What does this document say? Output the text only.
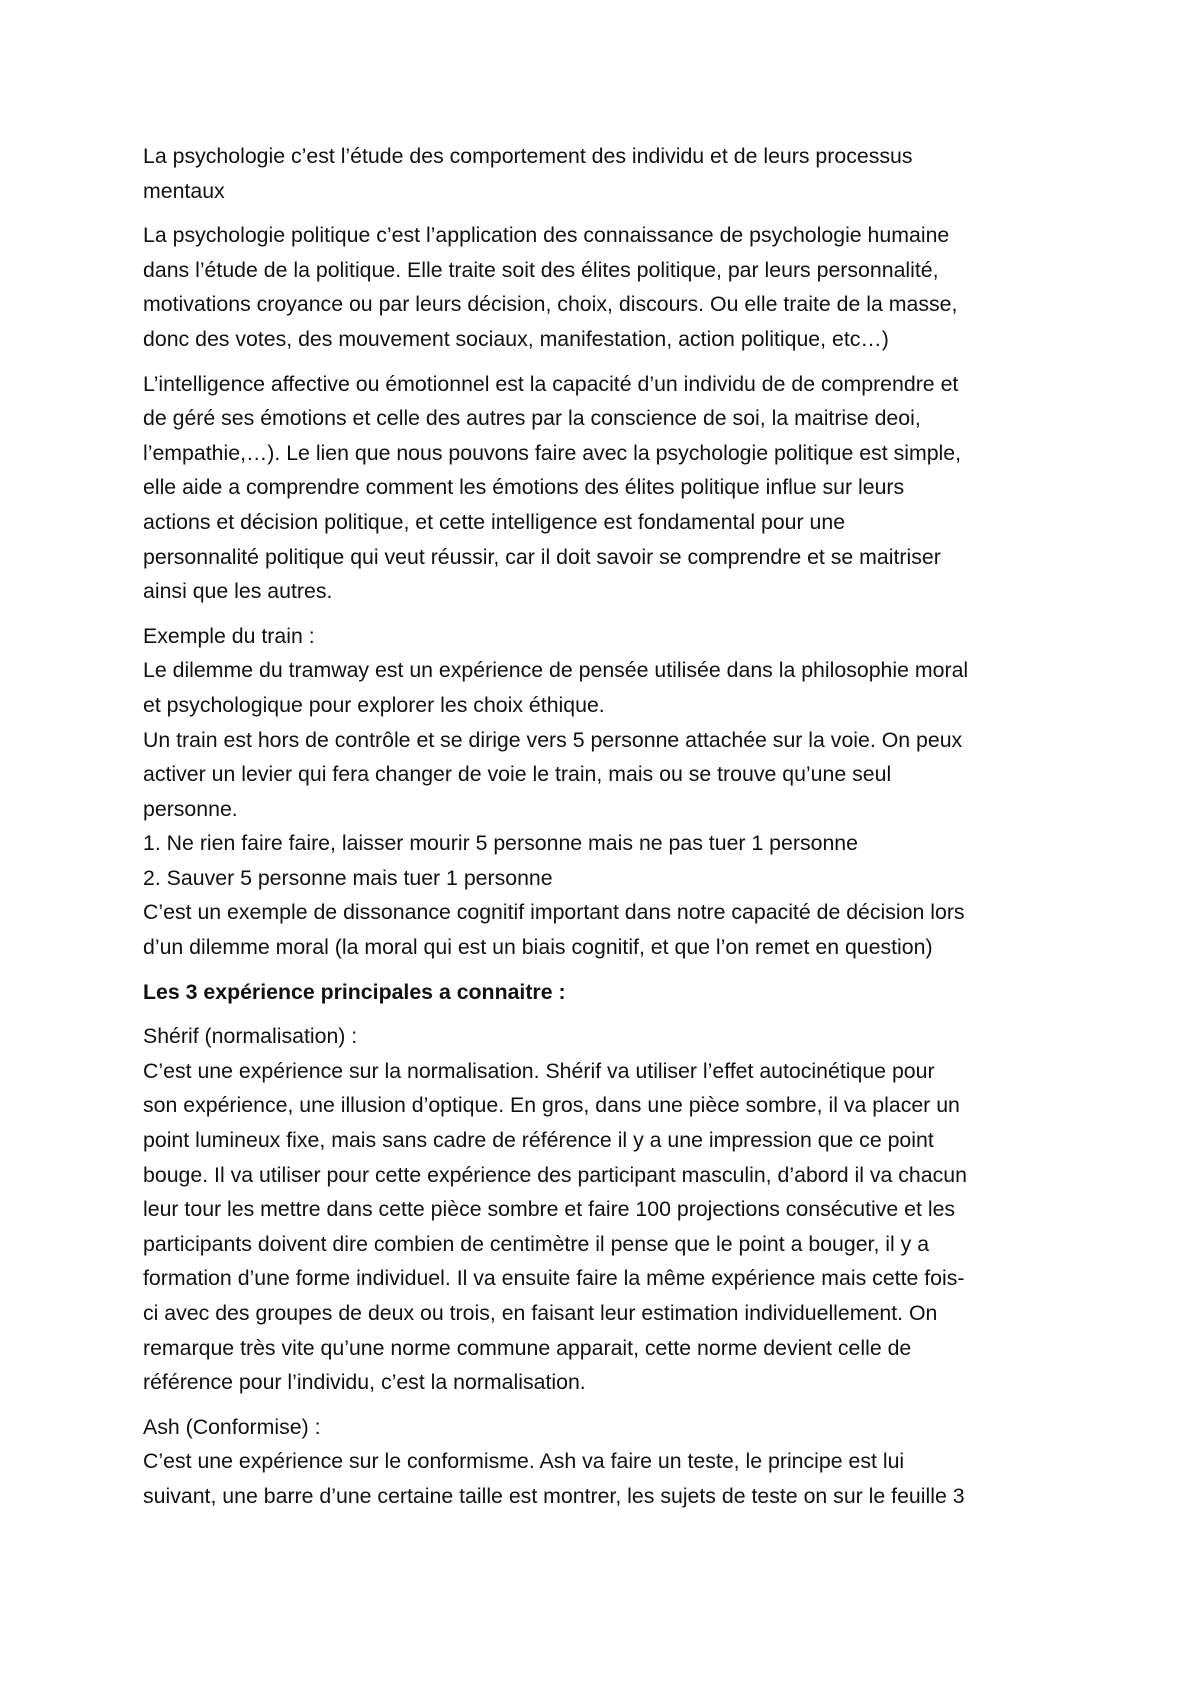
La psychologie c’est l’étude des comportement des individu et de leurs processus
mentaux

La psychologie politique c’est l’application des connaissance de psychologie humaine
dans l’étude de la politique. Elle traite soit des élites politique, par leurs personnalité,
motivations croyance ou par leurs décision, choix, discours. Ou elle traite de la masse,
donc des votes, des mouvement sociaux, manifestation, action politique, etc…)

L’intelligence affective ou émotionnel est la capacité d’un individu de de comprendre et
de géré ses émotions et celle des autres par la conscience de soi, la maitrise deoi,
l’empathie,…). Le lien que nous pouvons faire avec la psychologie politique est simple,
elle aide a comprendre comment les émotions des élites politique influe sur leurs
actions et décision politique, et cette intelligence est fondamental pour une
personnalité politique qui veut réussir, car il doit savoir se comprendre et se maitriser
ainsi que les autres.

Exemple du train :
Le dilemme du tramway est un expérience de pensée utilisée dans la philosophie moral
et psychologique pour explorer les choix éthique.
Un train est hors de contrôle et se dirige vers 5 personne attachée sur la voie. On peux
activer un levier qui fera changer de voie le train, mais ou se trouve qu’une seul
personne.
1. Ne rien faire faire, laisser mourir 5 personne mais ne pas tuer 1 personne
2. Sauver 5 personne mais tuer 1 personne
C’est un exemple de dissonance cognitif important dans notre capacité de décision lors
d’un dilemme moral (la moral qui est un biais cognitif, et que l’on remet en question)

Les 3 expérience principales a connaitre :

Shérif (normalisation) :
C’est une expérience sur la normalisation. Shérif va utiliser l’effet autocinétique pour
son expérience, une illusion d’optique. En gros, dans une pièce sombre, il va placer un
point lumineux fixe, mais sans cadre de référence il y a une impression que ce point
bouge. Il va utiliser pour cette expérience des participant masculin, d’abord il va chacun
leur tour les mettre dans cette pièce sombre et faire 100 projections consécutive et les
participants doivent dire combien de centimètre il pense que le point a bouger, il y a
formation d’une forme individuel. Il va ensuite faire la même expérience mais cette fois-
ci avec des groupes de deux ou trois, en faisant leur estimation individuellement. On
remarque très vite qu’une norme commune apparait, cette norme devient celle de
référence pour l’individu, c’est la normalisation.

Ash (Conformise) :
C’est une expérience sur le conformisme. Ash va faire un teste, le principe est lui
suivant, une barre d’une certaine taille est montrer, les sujets de teste on sur le feuille 3
